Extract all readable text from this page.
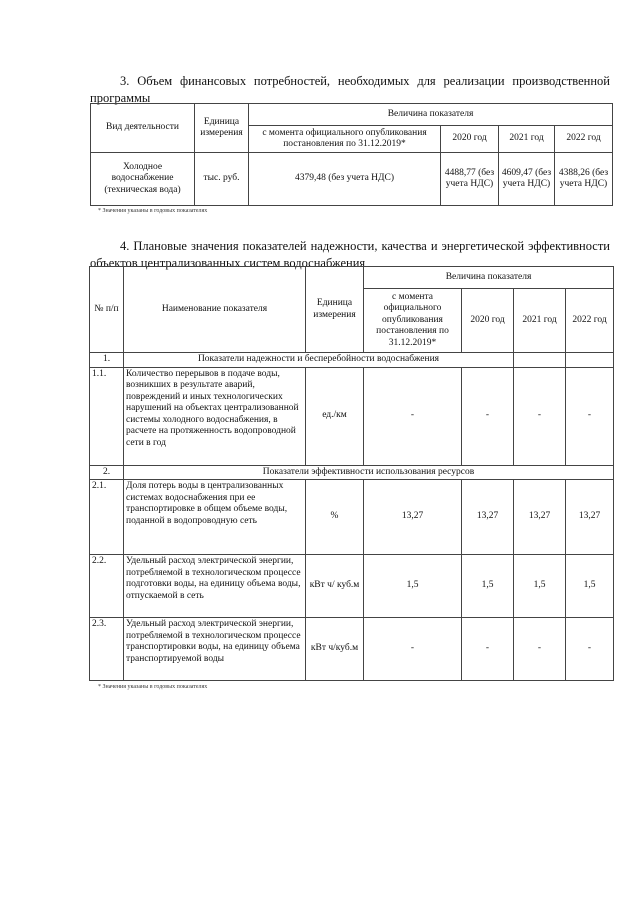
3. Объем финансовых потребностей, необходимых для реализации производственной программы

Вид деятельности	Единица измерения	Величина показателя			
		с момента официального опубликования постановления по 31.12.2019*	2020 год	2021 год	2022 год
Холодное водоснабжение (техническая вода)	тыс. руб.	4379,48 (без учета НДС)	4488,77 (без учета НДС)	4609,47 (без учета НДС)	4388,26 (без учета НДС)
* Значения указаны в годовых показателях

4. Плановые значения показателей надежности, качества и энергетической эффективности объектов централизованных систем водоснабжения

№ п/п	Наименование показателя	Единица измерения	Величина показателя			
			с момента официального опубликования постановления по 31.12.2019*	2020 год	2021 год	2022 год
1.	Показатели надежности и бесперебойности водоснабжения					
1.1.	Количество перерывов в подаче воды, возникших в результате аварий, повреждений и иных технологических нарушений на объектах централизованной системы холодного водоснабжения, в расчете на протяженность водопроводной сети в год	ед./км	-	-	-	-
2.	Показатели эффективности использования ресурсов					
2.1.	Доля потерь воды в централизованных системах водоснабжения при ее транспортировке в общем объеме воды, поданной в водопроводную сеть	%	13,27	13,27	13,27	13,27
2.2.	Удельный расход электрической энергии, потребляемой в технологическом процессе подготовки воды, на единицу объема воды, отпускаемой в сеть	кВт ч/ куб.м	1,5	1,5	1,5	1,5
2.3.	Удельный расход электрической энергии, потребляемой в технологическом процессе транспортировки воды, на единицу объема транспортируемой воды	кВт ч/куб.м	-	-	-	-
* Значения указаны в годовых показателях
